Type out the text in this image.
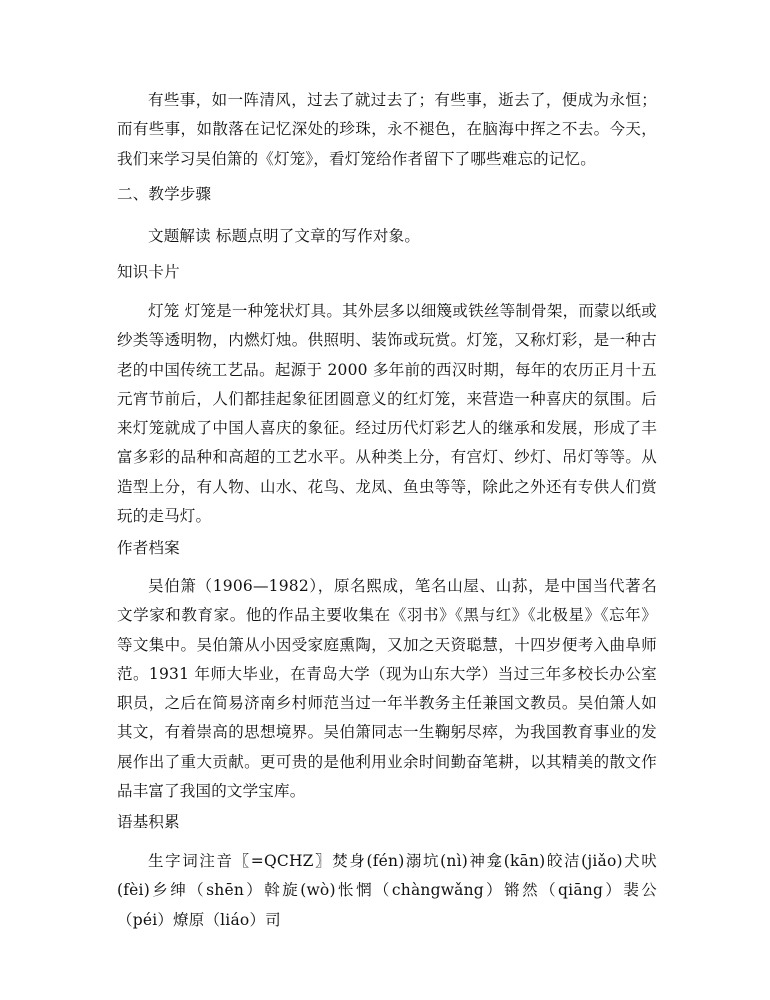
有些事，如一阵清风，过去了就过去了；有些事，逝去了，便成为永恒；而有些事，如散落在记忆深处的珍珠，永不褪色，在脑海中挥之不去。今天，我们来学习吴伯箫的《灯笼》，看灯笼给作者留下了哪些难忘的记忆。

二、教学步骤

文题解读 标题点明了文章的写作对象。

知识卡片

灯笼 灯笼是一种笼状灯具。其外层多以细篾或铁丝等制骨架，而蒙以纸或纱类等透明物，内燃灯烛。供照明、装饰或玩赏。灯笼，又称灯彩，是一种古老的中国传统工艺品。起源于 2000 多年前的西汉时期，每年的农历正月十五元宵节前后，人们都挂起象征团圆意义的红灯笼，来营造一种喜庆的氛围。后来灯笼就成了中国人喜庆的象征。经过历代灯彩艺人的继承和发展，形成了丰富多彩的品种和高超的工艺水平。从种类上分，有宫灯、纱灯、吊灯等等。从造型上分，有人物、山水、花鸟、龙凤、鱼虫等等，除此之外还有专供人们赏玩的走马灯。

作者档案

吴伯箫（1906—1982），原名熙成，笔名山屋、山荪，是中国当代著名文学家和教育家。他的作品主要收集在《羽书》《黑与红》《北极星》《忘年》等文集中。吴伯箫从小因受家庭熏陶，又加之天资聪慧，十四岁便考入曲阜师范。1931 年师大毕业，在青岛大学（现为山东大学）当过三年多校长办公室职员，之后在简易济南乡村师范当过一年半教务主任兼国文教员。吴伯箫人如其文，有着崇高的思想境界。吴伯箫同志一生鞠躬尽瘁，为我国教育事业的发展作出了重大贡献。更可贵的是他利用业余时间勤奋笔耕，以其精美的散文作品丰富了我国的文学宝库。

语基积累

生字词注音〖=QCHZ〗焚身(fén)溺坑(nì)神龛(kān)皎洁(jiǎo)犬吠(fèi)乡绅（shēn）斡旋(wò)怅惘（chàngwǎng）锵然（qiāng）裴公（péi）燎原（liáo）司
